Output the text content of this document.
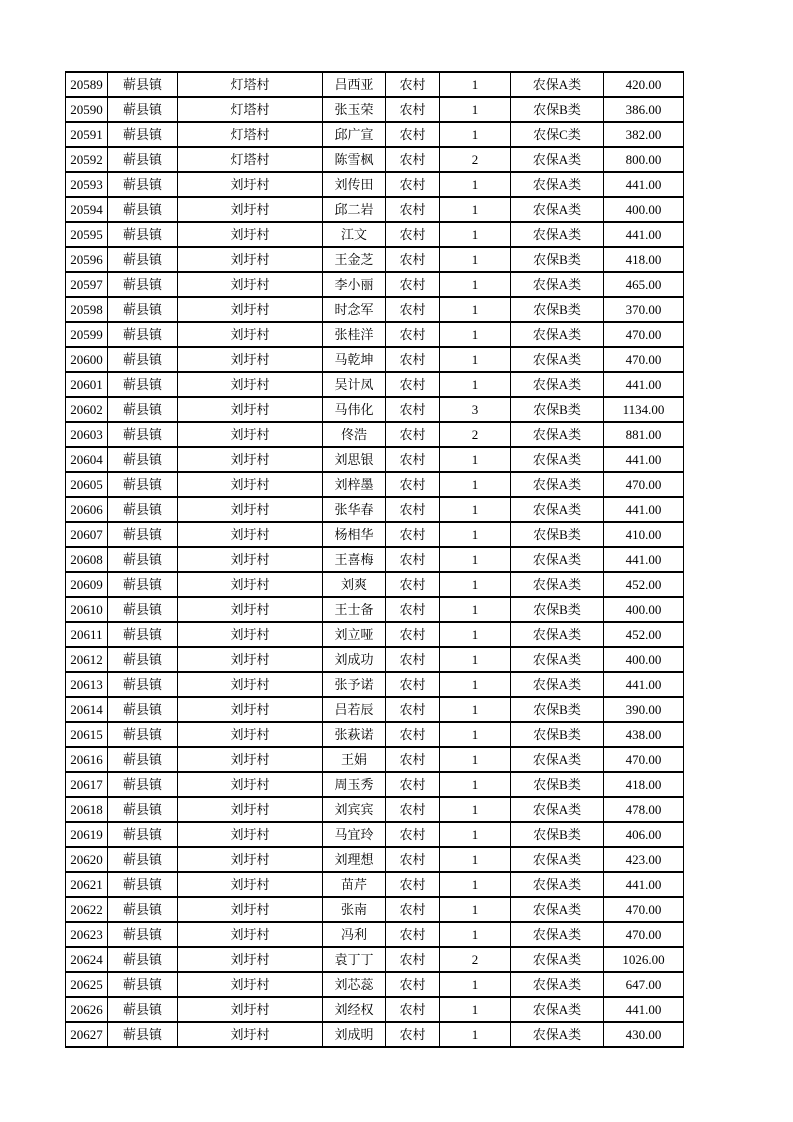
20589	蕲县镇	灯塔村	吕西亚	农村	1	农保A类	420.00
20590	蕲县镇	灯塔村	张玉荣	农村	1	农保B类	386.00
20591	蕲县镇	灯塔村	邱广宣	农村	1	农保C类	382.00
20592	蕲县镇	灯塔村	陈雪枫	农村	2	农保A类	800.00
20593	蕲县镇	刘圩村	刘传田	农村	1	农保A类	441.00
20594	蕲县镇	刘圩村	邱二岩	农村	1	农保A类	400.00
20595	蕲县镇	刘圩村	江文	农村	1	农保A类	441.00
20596	蕲县镇	刘圩村	王金芝	农村	1	农保B类	418.00
20597	蕲县镇	刘圩村	李小丽	农村	1	农保A类	465.00
20598	蕲县镇	刘圩村	时念军	农村	1	农保B类	370.00
20599	蕲县镇	刘圩村	张桂洋	农村	1	农保A类	470.00
20600	蕲县镇	刘圩村	马乾坤	农村	1	农保A类	470.00
20601	蕲县镇	刘圩村	吴计凤	农村	1	农保A类	441.00
20602	蕲县镇	刘圩村	马伟化	农村	3	农保B类	1134.00
20603	蕲县镇	刘圩村	佟浩	农村	2	农保A类	881.00
20604	蕲县镇	刘圩村	刘思银	农村	1	农保A类	441.00
20605	蕲县镇	刘圩村	刘梓墨	农村	1	农保A类	470.00
20606	蕲县镇	刘圩村	张华春	农村	1	农保A类	441.00
20607	蕲县镇	刘圩村	杨相华	农村	1	农保B类	410.00
20608	蕲县镇	刘圩村	王喜梅	农村	1	农保A类	441.00
20609	蕲县镇	刘圩村	刘爽	农村	1	农保A类	452.00
20610	蕲县镇	刘圩村	王士备	农村	1	农保B类	400.00
20611	蕲县镇	刘圩村	刘立哑	农村	1	农保A类	452.00
20612	蕲县镇	刘圩村	刘成功	农村	1	农保A类	400.00
20613	蕲县镇	刘圩村	张予诺	农村	1	农保A类	441.00
20614	蕲县镇	刘圩村	吕若辰	农村	1	农保B类	390.00
20615	蕲县镇	刘圩村	张萩诺	农村	1	农保B类	438.00
20616	蕲县镇	刘圩村	王娟	农村	1	农保A类	470.00
20617	蕲县镇	刘圩村	周玉秀	农村	1	农保B类	418.00
20618	蕲县镇	刘圩村	刘宾宾	农村	1	农保A类	478.00
20619	蕲县镇	刘圩村	马宜玲	农村	1	农保B类	406.00
20620	蕲县镇	刘圩村	刘理想	农村	1	农保A类	423.00
20621	蕲县镇	刘圩村	苗芹	农村	1	农保A类	441.00
20622	蕲县镇	刘圩村	张南	农村	1	农保A类	470.00
20623	蕲县镇	刘圩村	冯利	农村	1	农保A类	470.00
20624	蕲县镇	刘圩村	袁丁丁	农村	2	农保A类	1026.00
20625	蕲县镇	刘圩村	刘芯蕊	农村	1	农保A类	647.00
20626	蕲县镇	刘圩村	刘经权	农村	1	农保A类	441.00
20627	蕲县镇	刘圩村	刘成明	农村	1	农保A类	430.00
